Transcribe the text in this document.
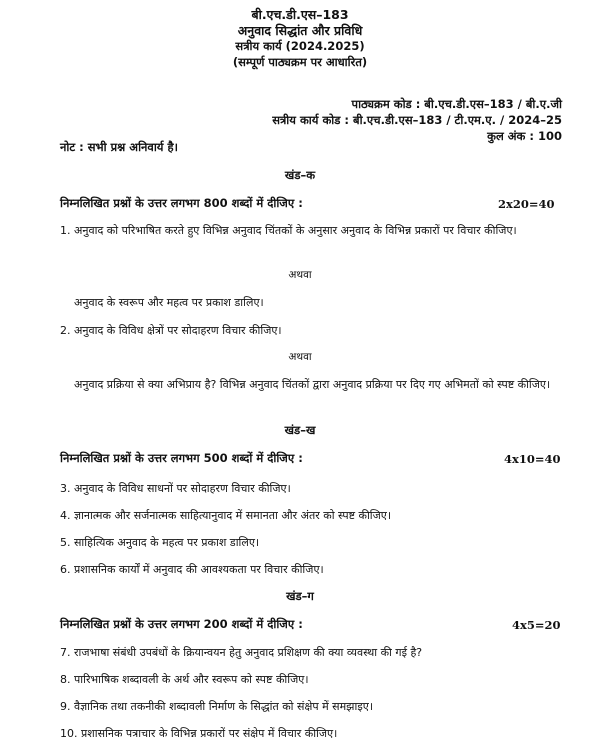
बी.एच.डी.एस–183
अनुवाद सिद्धांत और प्रविधि
सत्रीय कार्य (2024.2025)
(सम्पूर्ण पाठ्यक्रम पर आधारित)
पाठ्यक्रम कोड : बी.एच.डी.एस–183 / बी.ए.जी
सत्रीय कार्य कोड : बी.एच.डी.एस–183 / टी.एम.ए. / 2024–25
कुल अंक : 100
नोट : सभी प्रश्न अनिवार्य है।
खंड–क
निम्नलिखित प्रश्नों के उत्तर लगभग 800 शब्दों में दीजिए :	2x20=40
1. अनुवाद को परिभाषित करते हुए विभिन्न अनुवाद चिंतकों के अनुसार अनुवाद के विभिन्न प्रकारों पर विचार कीजिए।
अथवा
अनुवाद के स्वरूप और महत्व पर प्रकाश डालिए।
2. अनुवाद के विविध क्षेत्रों पर सोदाहरण विचार कीजिए।
अथवा
अनुवाद प्रक्रिया से क्या अभिप्राय है? विभिन्न अनुवाद चिंतकों द्वारा अनुवाद प्रक्रिया पर दिए गए अभिमतों को स्पष्ट कीजिए।
खंड–ख
निम्नलिखित प्रश्नों के उत्तर लगभग 500 शब्दों में दीजिए :	4x10=40
3. अनुवाद के विविध साधनों पर सोदाहरण विचार कीजिए।
4. ज्ञानात्मक और सर्जनात्मक साहित्यानुवाद में समानता और अंतर को स्पष्ट कीजिए।
5. साहित्यिक अनुवाद के महत्व पर प्रकाश डालिए।
6. प्रशासनिक कार्यों में अनुवाद की आवश्यकता पर विचार कीजिए।
खंड–ग
निम्नलिखित प्रश्नों के उत्तर लगभग 200 शब्दों में दीजिए :	4x5=20
7. राजभाषा संबंधी उपबंधों के क्रियान्वयन हेतु अनुवाद प्रशिक्षण की क्या व्यवस्था की गई है?
8. पारिभाषिक शब्दावली के अर्थ और स्वरूप को स्पष्ट कीजिए।
9. वैज्ञानिक तथा तकनीकी शब्दावली निर्माण के सिद्धांत को संक्षेप में समझाइए।
10. प्रशासनिक पत्राचार के विभिन्न प्रकारों पर संक्षेप में विचार कीजिए।
